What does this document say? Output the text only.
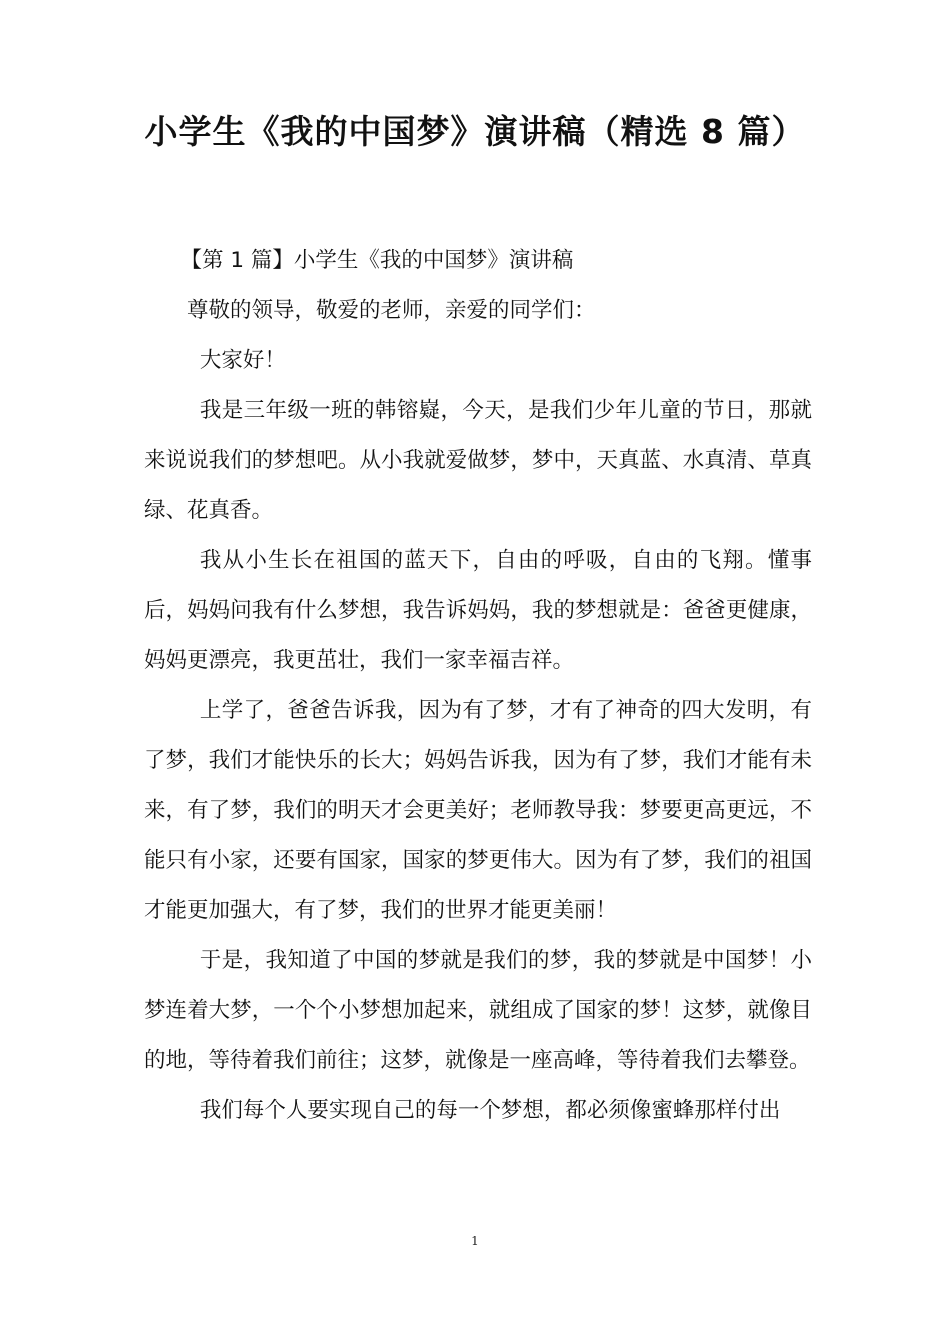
小学生《我的中国梦》演讲稿（精选 8 篇）

【第 1 篇】小学生《我的中国梦》演讲稿

尊敬的领导，敬爱的老师，亲爱的同学们：

大家好！

我是三年级一班的韩镕嶷，今天，是我们少年儿童的节日，那就来说说我们的梦想吧。从小我就爱做梦，梦中，天真蓝、水真清、草真绿、花真香。

我从小生长在祖国的蓝天下，自由的呼吸，自由的飞翔。懂事后，妈妈问我有什么梦想，我告诉妈妈，我的梦想就是：爸爸更健康，妈妈更漂亮，我更茁壮，我们一家幸福吉祥。

上学了，爸爸告诉我，因为有了梦，才有了神奇的四大发明，有了梦，我们才能快乐的长大；妈妈告诉我，因为有了梦，我们才能有未来，有了梦，我们的明天才会更美好；老师教导我：梦要更高更远，不能只有小家，还要有国家，国家的梦更伟大。因为有了梦，我们的祖国才能更加强大，有了梦，我们的世界才能更美丽！

于是，我知道了中国的梦就是我们的梦，我的梦就是中国梦！小梦连着大梦，一个个小梦想加起来，就组成了国家的梦！这梦，就像目的地，等待着我们前往；这梦，就像是一座高峰，等待着我们去攀登。

我们每个人要实现自己的每一个梦想，都必须像蜜蜂那样付出

1
